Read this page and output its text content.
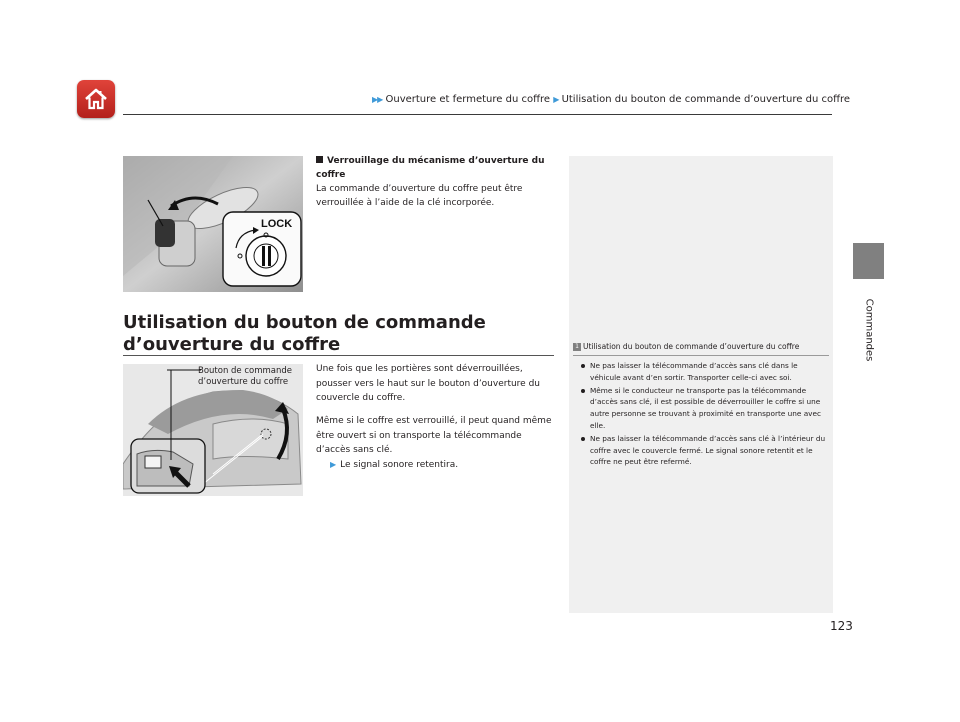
▶▶ Ouverture et fermeture du coffre ▶ Utilisation du bouton de commande d’ouverture du coffre
Commandes
LOCK
Verrouillage du mécanisme d’ouverture du coffre
La commande d’ouverture du coffre peut être verrouillée à l’aide de la clé incorporée.
Utilisation du bouton de commande d’ouverture du coffre
Bouton de commande d’ouverture du coffre
Une fois que les portières sont déverrouillées, pousser vers le haut sur le bouton d’ouverture du couvercle du coffre.
Même si le coffre est verrouillé, il peut quand même être ouvert si on transporte la télécommande d’accès sans clé.
▶ Le signal sonore retentira.
1 Utilisation du bouton de commande d’ouverture du coffre
Ne pas laisser la télécommande d’accès sans clé dans le véhicule avant d’en sortir. Transporter celle-ci avec soi.
Même si le conducteur ne transporte pas la télécommande d’accès sans clé, il est possible de déverrouiller le coffre si une autre personne se trouvant à proximité en transporte une avec elle.
Ne pas laisser la télécommande d’accès sans clé à l’intérieur du coffre avec le couvercle fermé. Le signal sonore retentit et le coffre ne peut être refermé.
123
